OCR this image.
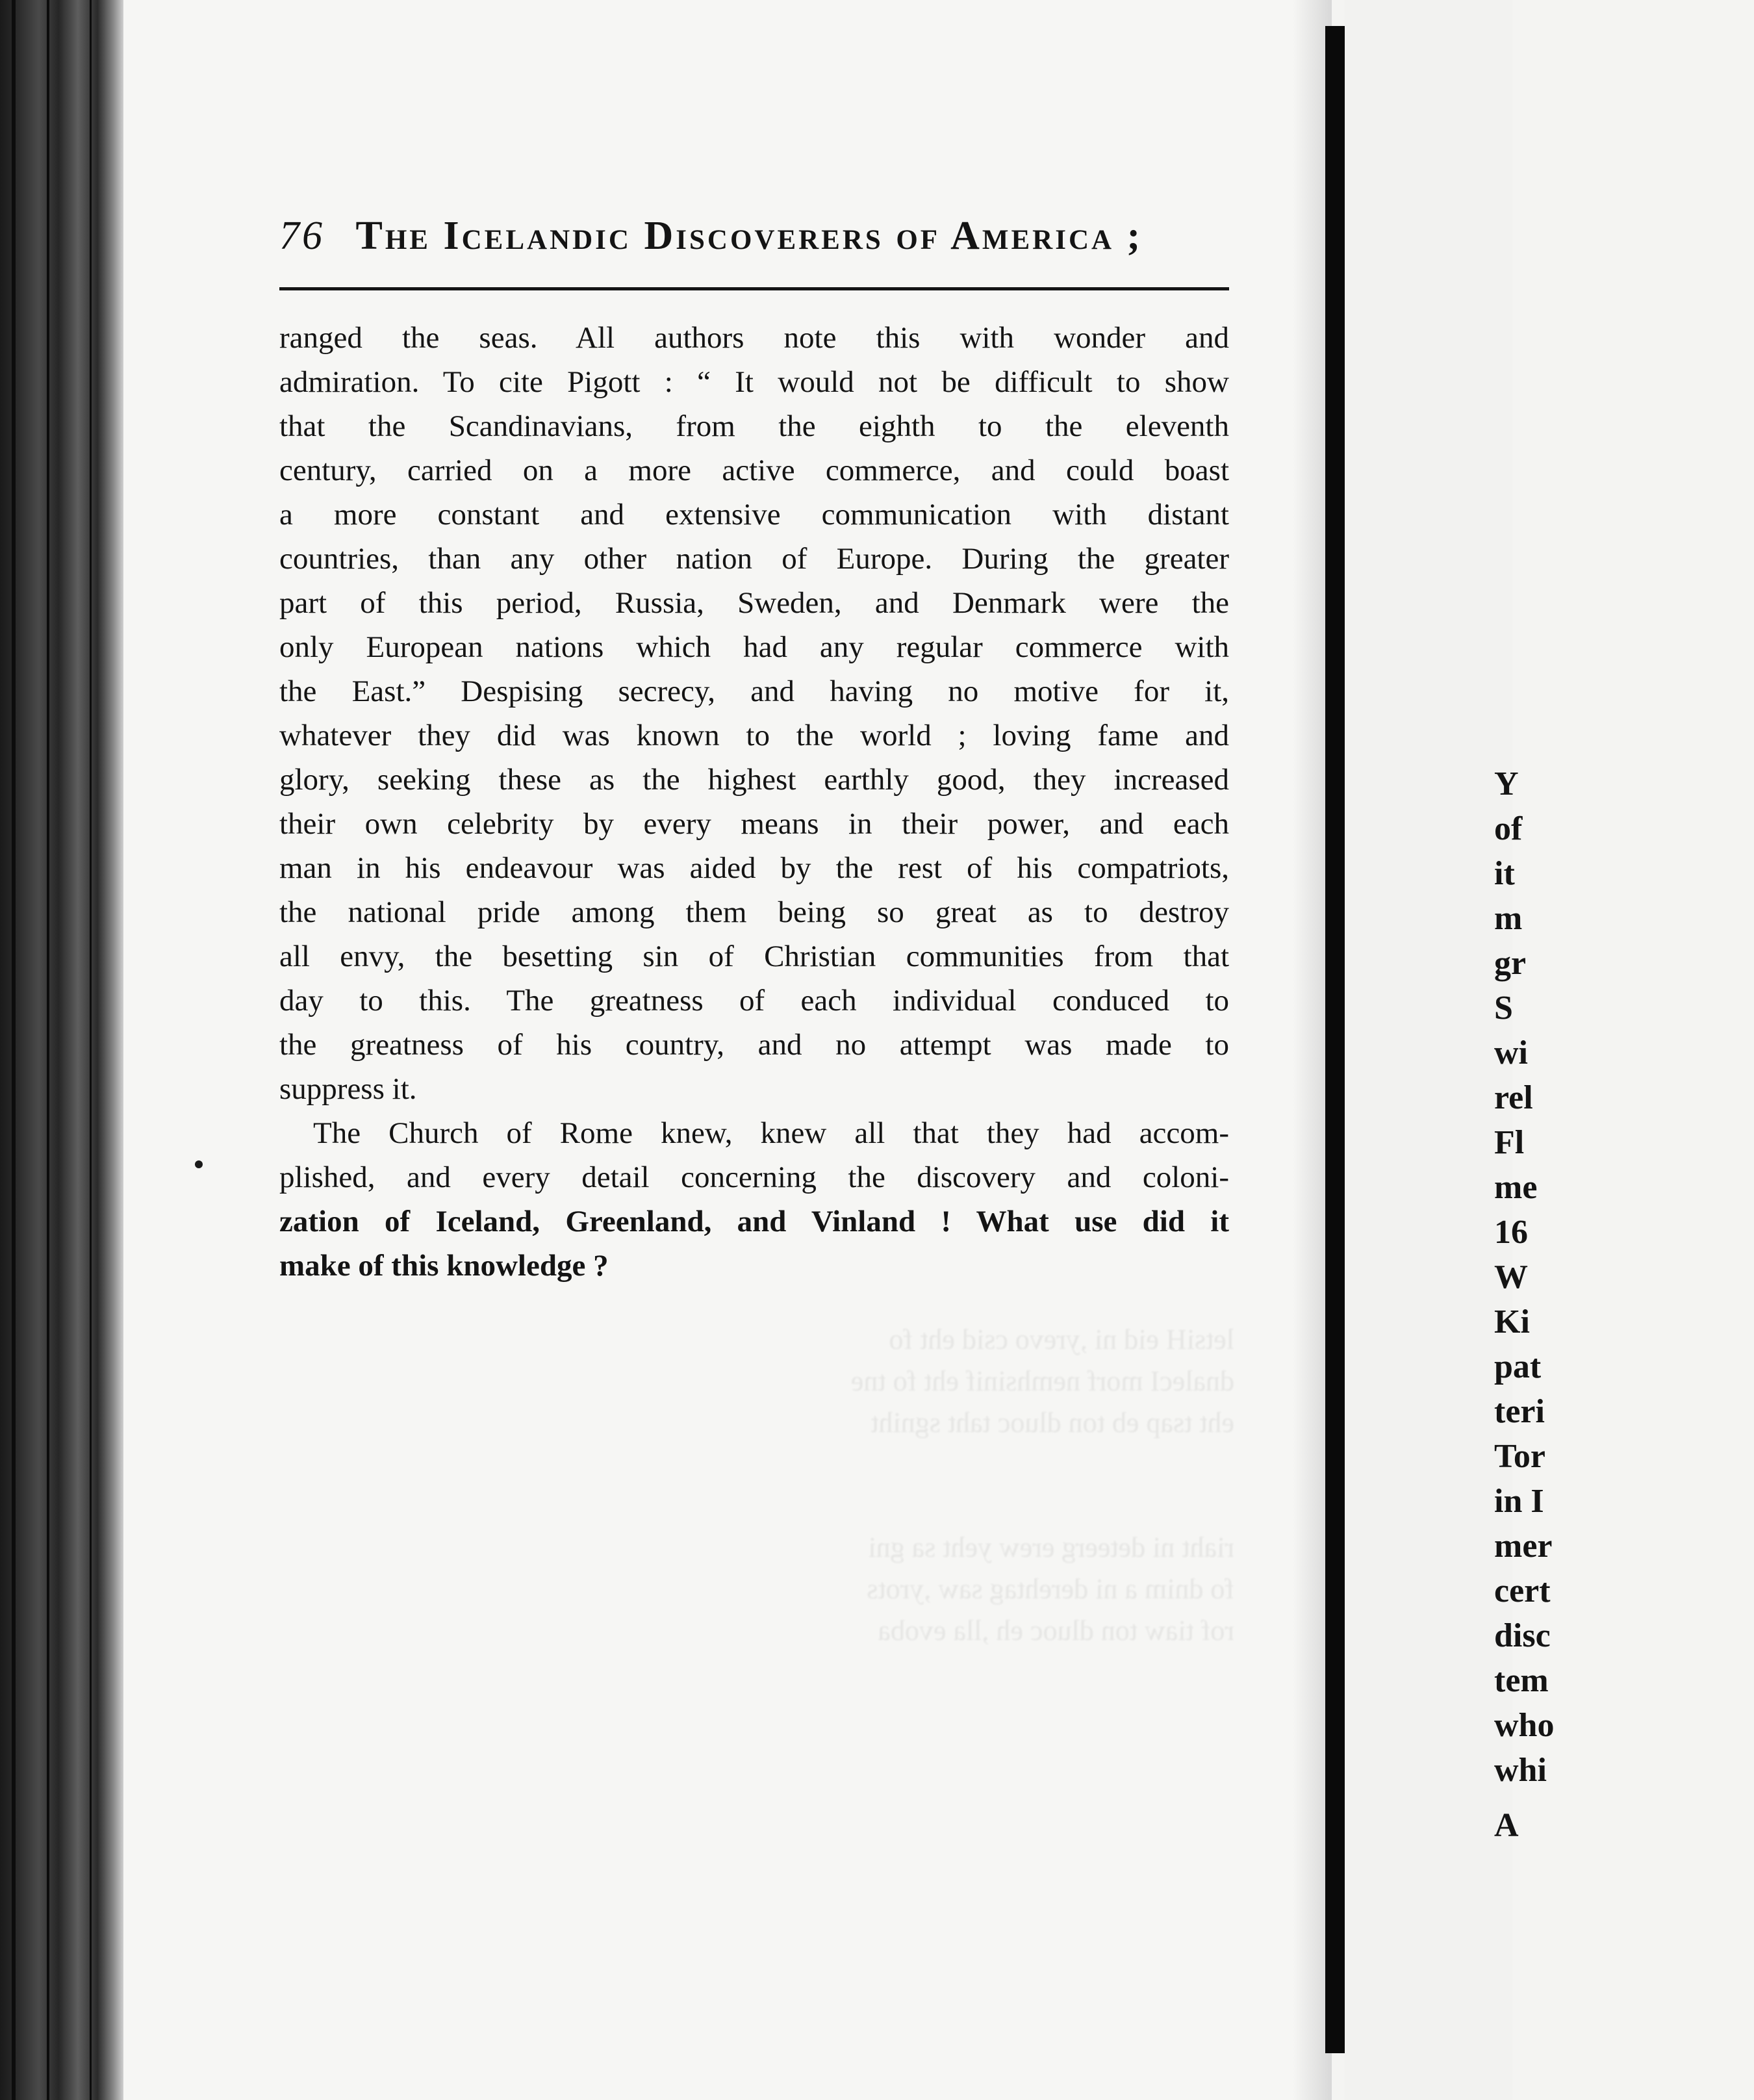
letsiH eid ni ,yrevo csid eht fo
dnalecI morf nemhsinif eht fo tne
eht tsap eb ton dluoc taht sgniht
riaht ni deteerg erew yeht sa gni
fo dnim a ni derehtag saw ,yrots
rof tiaw ton dluoc eh ,lla evoba
76 The Icelandic Discoverers of America ;
ranged the seas. All authors note this with wonder and
admiration. To cite Pigott : “ It would not be difficult to show
that the Scandinavians, from the eighth to the eleventh
century, carried on a more active commerce, and could boast
a more constant and extensive communication with distant
countries, than any other nation of Europe. During the greater
part of this period, Russia, Sweden, and Denmark were the
only European nations which had any regular commerce with
the East.” Despising secrecy, and having no motive for it,
whatever they did was known to the world ; loving fame and
glory, seeking these as the highest earthly good, they increased
their own celebrity by every means in their power, and each
man in his endeavour was aided by the rest of his compatriots,
the national pride among them being so great as to destroy
all envy, the besetting sin of Christian communities from that
day to this. The greatness of each individual conduced to
the greatness of his country, and no attempt was made to
suppress it.
The Church of Rome knew, knew all that they had accom-
plished, and every detail concerning the discovery and coloni-
zation of Iceland, Greenland, and Vinland ! What use did it
make of this knowledge ?
Y
of
it
m
gr
S
wi
rel
Fl
me
16
W
Ki
pat
teri
Tor
in I
mer
cert
disc
tem
who
whi
A
